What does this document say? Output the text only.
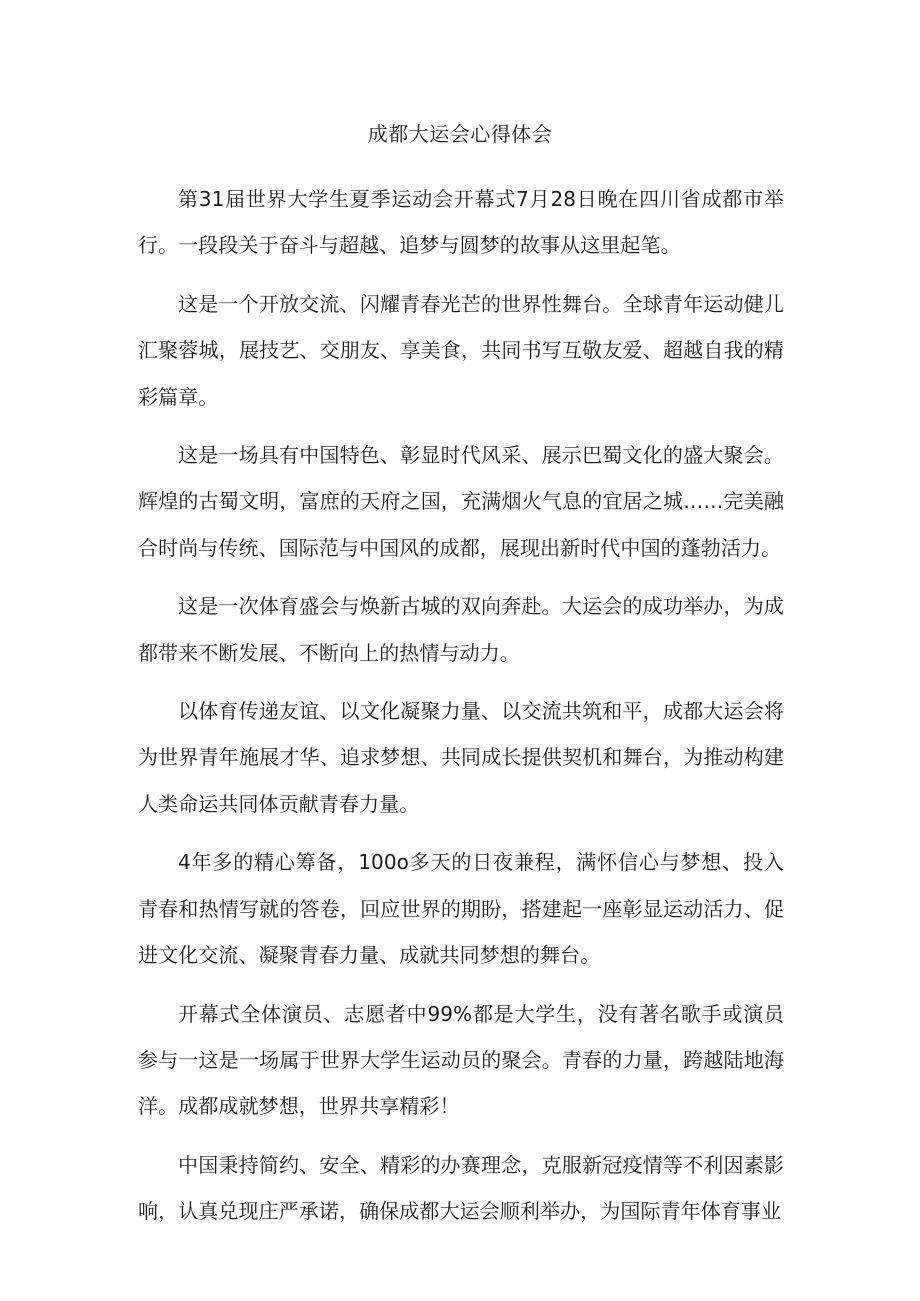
成都大运会心得体会

第31届世界大学生夏季运动会开幕式7月28日晚在四川省成都市举行。一段段关于奋斗与超越、追梦与圆梦的故事从这里起笔。

这是一个开放交流、闪耀青春光芒的世界性舞台。全球青年运动健儿汇聚蓉城，展技艺、交朋友、享美食，共同书写互敬友爱、超越自我的精彩篇章。

这是一场具有中国特色、彰显时代风采、展示巴蜀文化的盛大聚会。辉煌的古蜀文明，富庶的天府之国，充满烟火气息的宜居之城……完美融合时尚与传统、国际范与中国风的成都，展现出新时代中国的蓬勃活力。

这是一次体育盛会与焕新古城的双向奔赴。大运会的成功举办，为成都带来不断发展、不断向上的热情与动力。

以体育传递友谊、以文化凝聚力量、以交流共筑和平，成都大运会将为世界青年施展才华、追求梦想、共同成长提供契机和舞台，为推动构建人类命运共同体贡献青春力量。

4年多的精心筹备，100o多天的日夜兼程，满怀信心与梦想、投入青春和热情写就的答卷，回应世界的期盼，搭建起一座彰显运动活力、促进文化交流、凝聚青春力量、成就共同梦想的舞台。

开幕式全体演员、志愿者中99%都是大学生，没有著名歌手或演员参与一这是一场属于世界大学生运动员的聚会。青春的力量，跨越陆地海洋。成都成就梦想，世界共享精彩！

中国秉持简约、安全、精彩的办赛理念，克服新冠疫情等不利因素影响，认真兑现庄严承诺，确保成都大运会顺利举办，为国际青年体育事业
